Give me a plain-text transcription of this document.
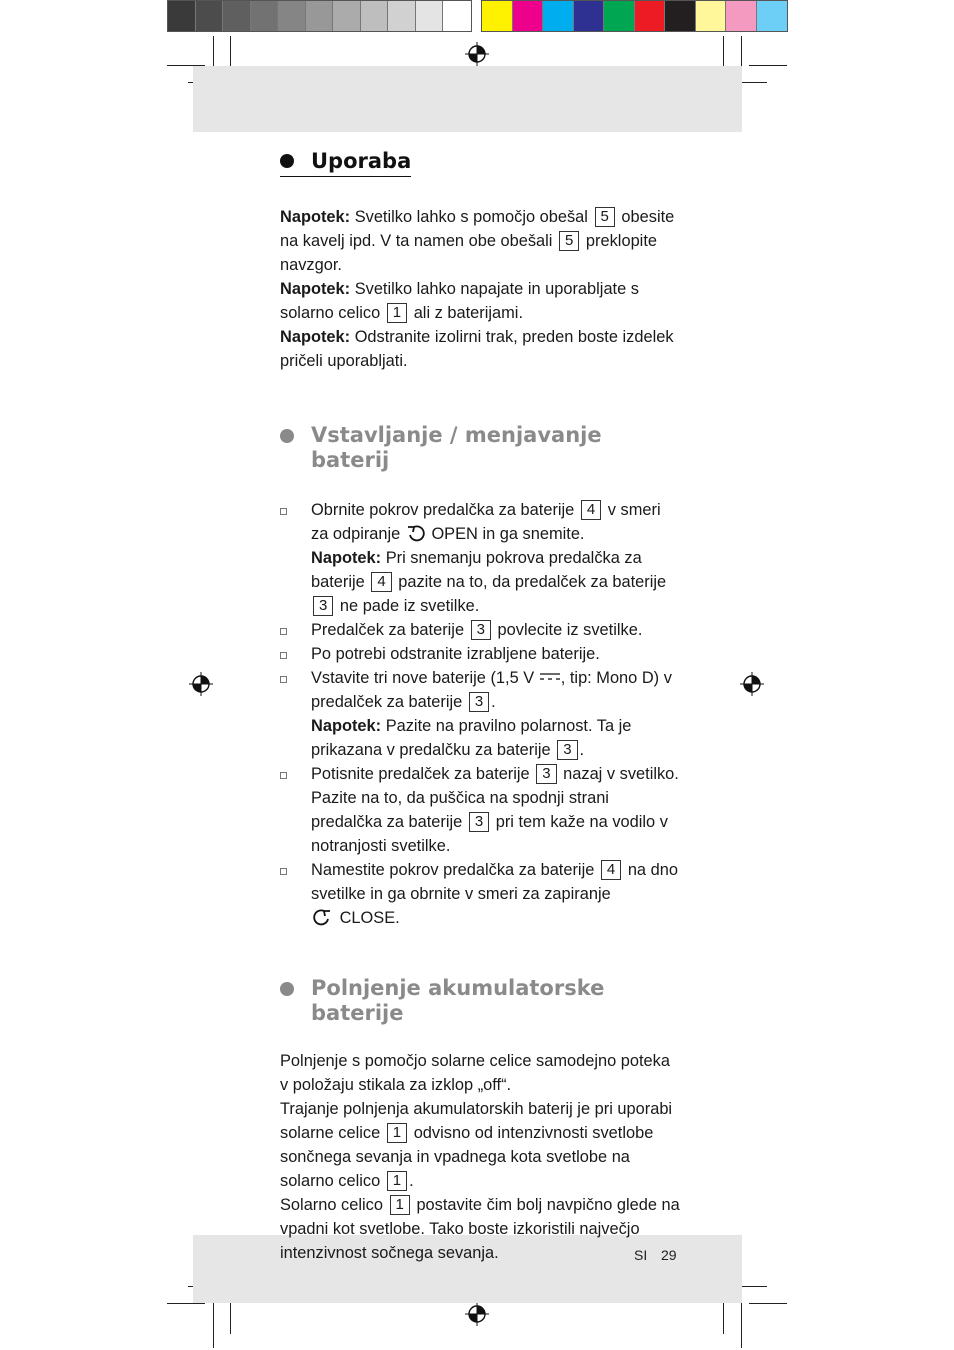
SI 29
Uporaba

Napotek: Svetilko lahko s pomočjo obešal 5 obesite na kavelj ipd. V ta namen obe obešali 5 preklopite navzgor.

Napotek: Svetilko lahko napajate in uporabljate s solarno celico 1 ali z baterijami.

Napotek: Odstranite izolirni trak, preden boste izdelek pričeli uporabljati.

Vstavljanje / menjavanje baterij
Obrnite pokrov predalčka za baterije 4 v smeri za odpiranje OPEN in ga snemite.
Napotek: Pri snemanju pokrova predalčka za baterije 4 pazite na to, da predalček za baterije 3 ne pade iz svetilke.
Predalček za baterije 3 povlecite iz svetilke.
Po potrebi odstranite izrabljene baterije.
Vstavite tri nove baterije (1,5 V , tip: Mono D) v predalček za baterije 3 .
Napotek: Pazite na pravilno polarnost. Ta je prikazana v predalčku za baterije 3 .
Potisnite predalček za baterije 3 nazaj v svetilko. Pazite na to, da puščica na spodnji strani predalčka za baterije 3 pri tem kaže na vodilo v notranjosti svetilke.
Namestite pokrov predalčka za baterije 4 na dno svetilke in ga obrnite v smeri za zapiranje
CLOSE.
Polnjenje akumulatorske
baterije

Polnjenje s pomočjo solarne celice samodejno poteka v položaju stikala za izklop „off“.

Trajanje polnjenja akumulatorskih baterij je pri uporabi solarne celice 1 odvisno od intenzivnosti svetlobe sončnega sevanja in vpadnega kota svetlobe na solarno celico 1 .

Solarno celico 1 postavite čim bolj navpično glede na vpadni kot svetlobe. Tako boste izkoristili največjo intenzivnost sočnega sevanja.
